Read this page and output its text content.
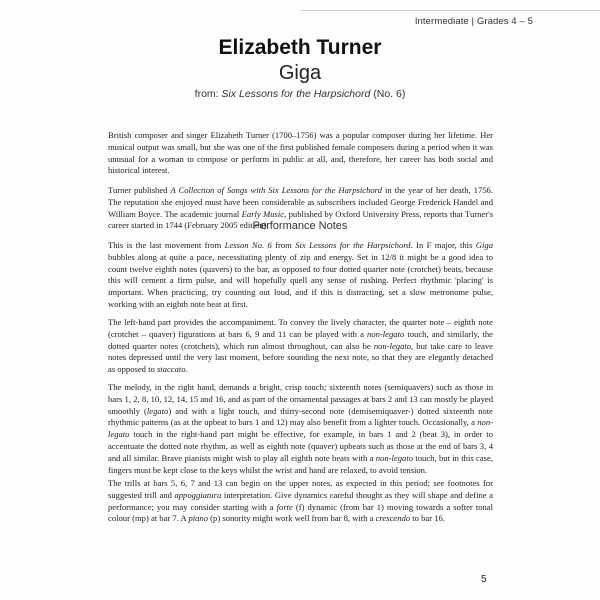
Intermediate | Grades 4 – 5
Elizabeth Turner
Giga
from: Six Lessons for the Harpsichord (No. 6)
British composer and singer Elizabeth Turner (1700–1756) was a popular composer during her lifetime. Her musical output was small, but she was one of the first published female composers during a period when it was unusual for a woman to compose or perform in public at all, and, therefore, her career has both social and historical interest.
Turner published A Collection of Songs with Six Lessons for the Harpsichord in the year of her death, 1756. The reputation she enjoyed must have been considerable as subscribers included George Frederick Handel and William Boyce. The academic journal Early Music, published by Oxford University Press, reports that Turner's career started in 1744 (February 2005 edition).
Performance Notes
This is the last movement from Lesson No. 6 from Six Lessons for the Harpsichord. In F major, this Giga bubbles along at quite a pace, necessitating plenty of zip and energy. Set in 12/8 it might be a good idea to count twelve eighth notes (quavers) to the bar, as opposed to four dotted quarter note (crotchet) beats, because this will cement a firm pulse, and will hopefully quell any sense of rushing. Perfect rhythmic 'placing' is important. When practicing, try counting out loud, and if this is distracting, set a slow metronome pulse, working with an eighth note beat at first.
The left-hand part provides the accompaniment. To convey the lively character, the quarter note – eighth note (crotchet – quaver) figurations at bars 6, 9 and 11 can be played with a non-legato touch, and similarly, the dotted quarter notes (crotchets), which run almost throughout, can also be non-legato, but take care to leave notes depressed until the very last moment, before sounding the next note, so that they are elegantly detached as opposed to staccato.
The melody, in the right hand, demands a bright, crisp touch; sixteenth notes (semiquavers) such as those in bars 1, 2, 8, 10, 12, 14, 15 and 16, and as part of the ornamental passages at bars 2 and 13 can mostly be played smoothly (legato) and with a light touch, and thirty-second note (demisemiquaver-) dotted sixteenth note rhythmic patterns (as at the upbeat to bars 1 and 12) may also benefit from a lighter touch. Occasionally, a non-legato touch in the right-hand part might be effective, for example, in bars 1 and 2 (beat 3), in order to accentuate the dotted note rhythm, as well as eighth note (quaver) upbeats such as those at the end of bars 3, 4 and all similar. Brave pianists might wish to play all eighth note beats with a non-legato touch, but in this case, fingers must be kept close to the keys whilst the wrist and hand are relaxed, to avoid tension.
The trills at bars 5, 6, 7 and 13 can begin on the upper notes, as expected in this period; see footnotes for suggested trill and appoggiatura interpretation. Give dynamics careful thought as they will shape and define a performance; you may consider starting with a forte (f) dynamic (from bar 1) moving towards a softer tonal colour (mp) at bar 7. A piano (p) sonority might work well from bar 8, with a crescendo to bar 16.
5
